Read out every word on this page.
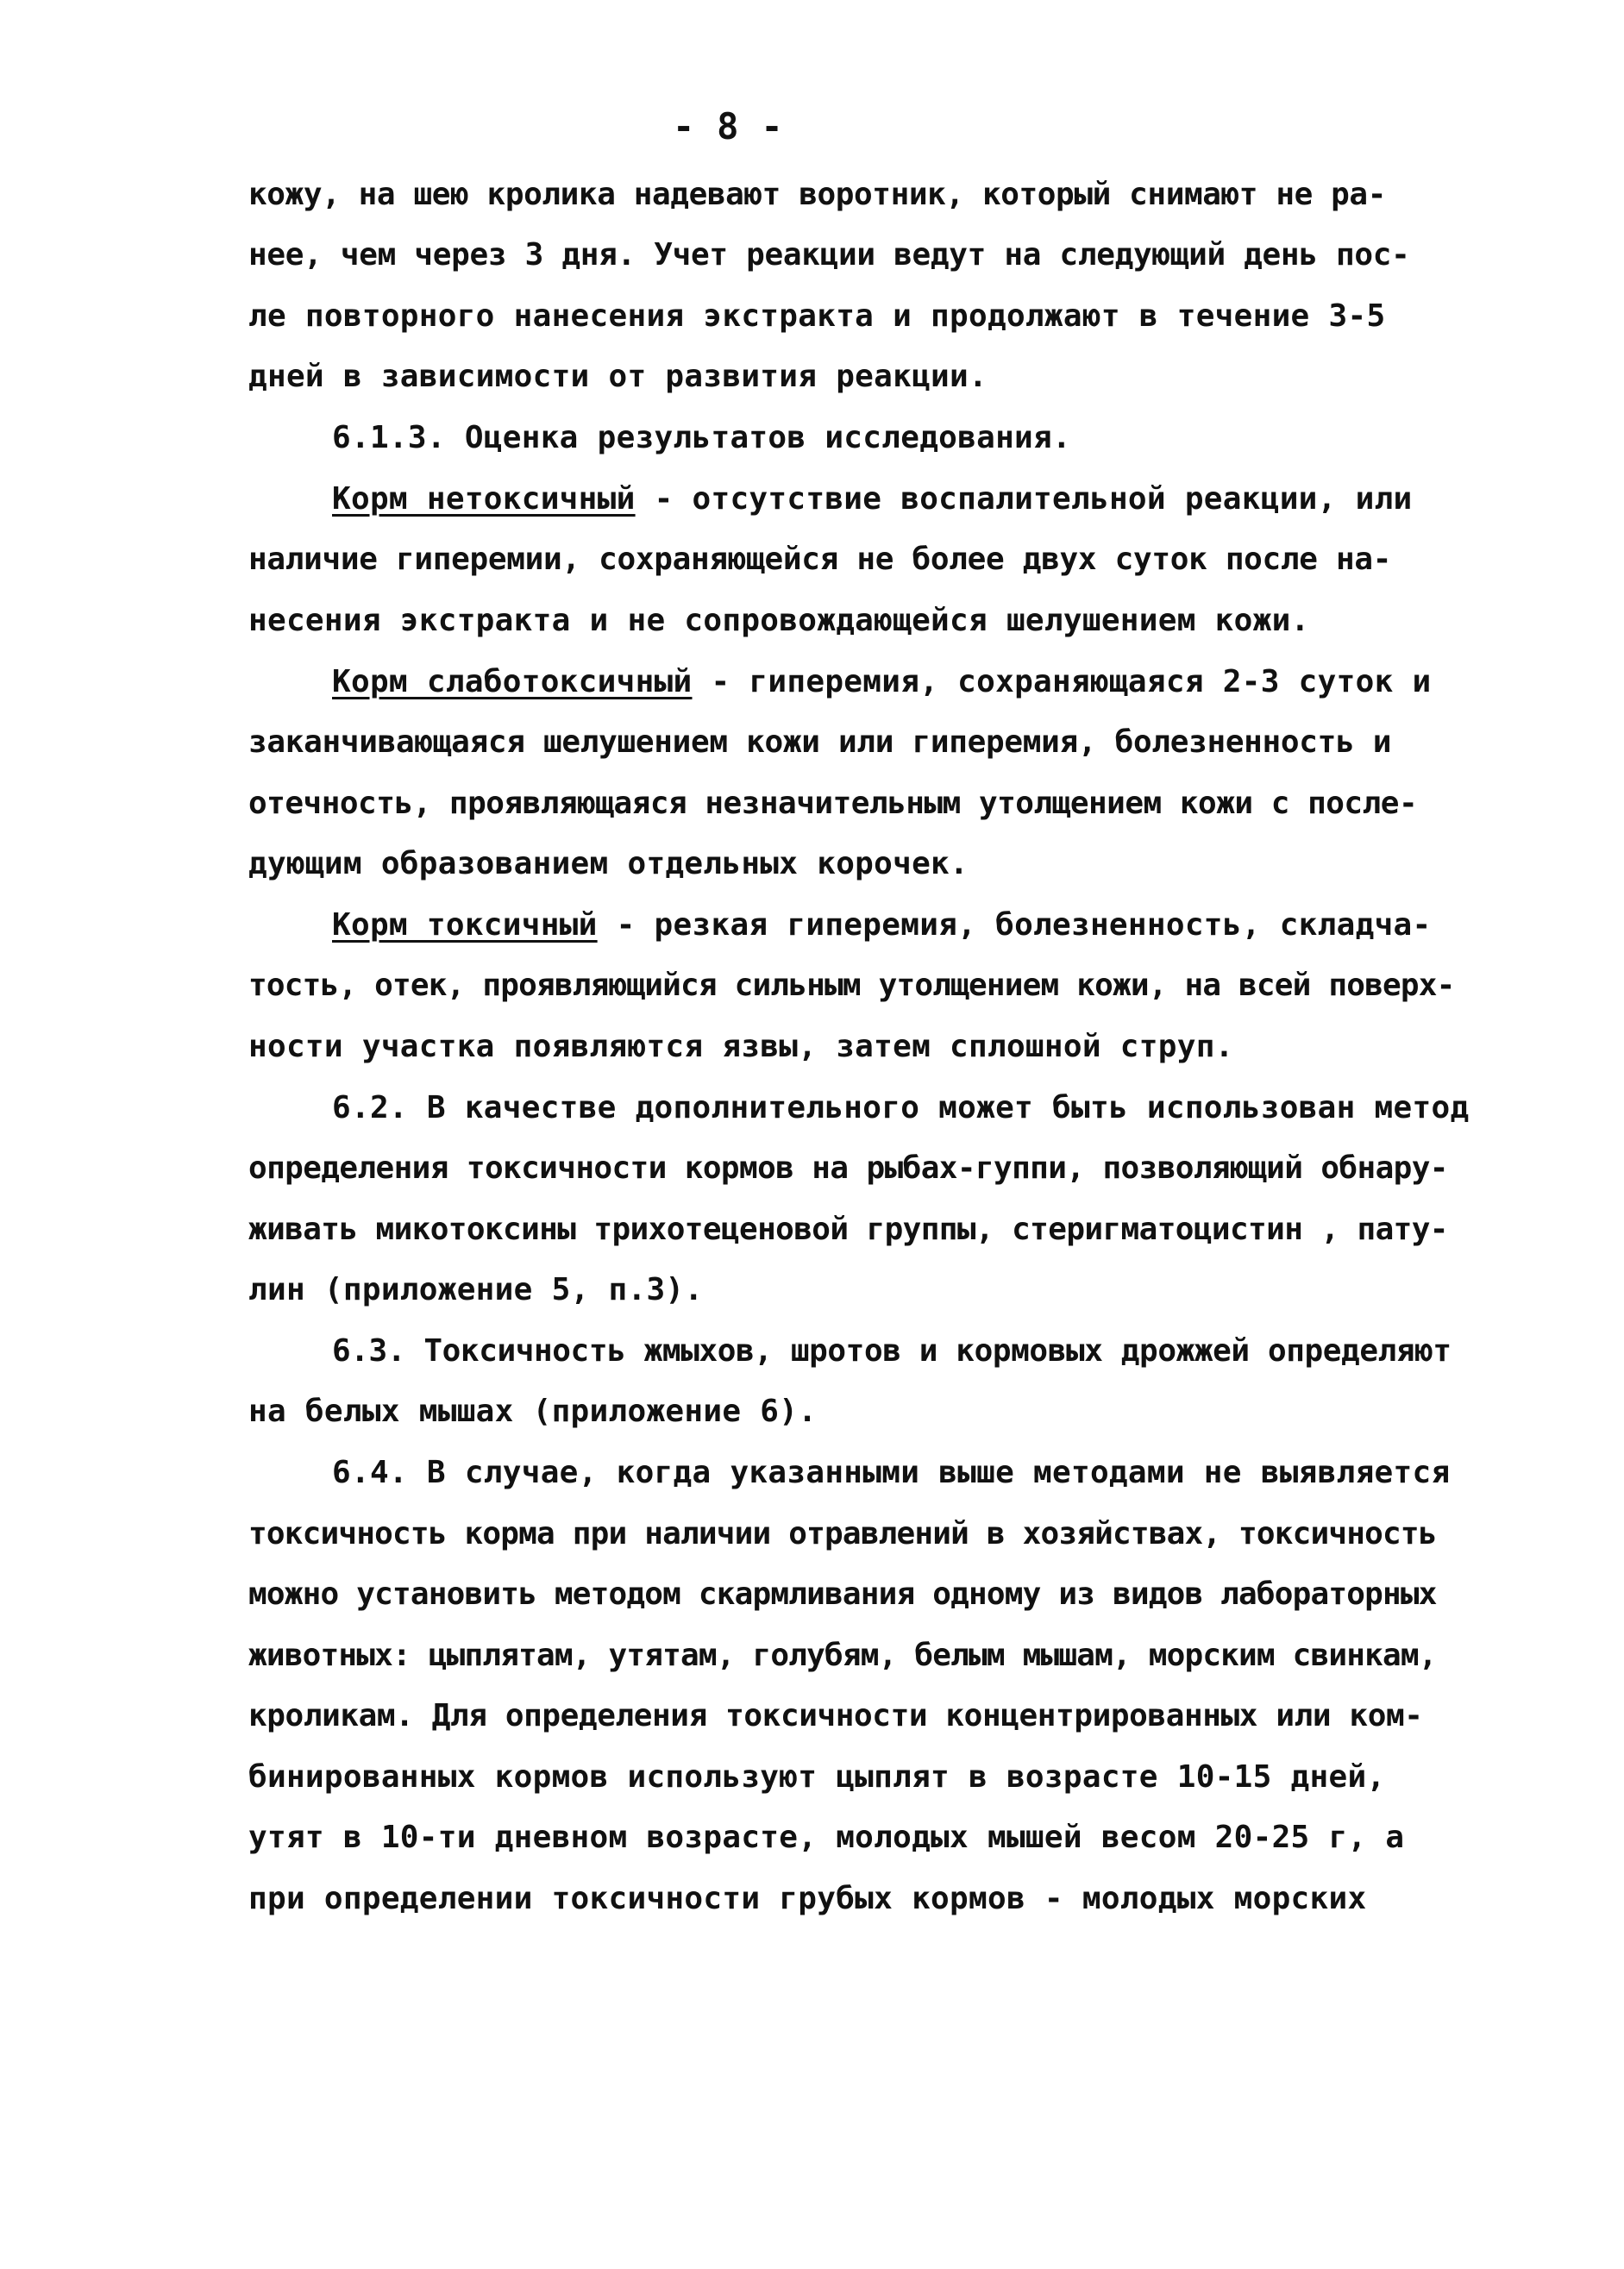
- 8 -
кожу, на шею кролика надевают воротник, который снимают не ра-
нее, чем через 3 дня. Учет реакции ведут на следующий день пос-
ле повторного нанесения экстракта и продолжают в течение 3-5
дней в зависимости от развития реакции.
6.1.3. Оценка результатов исследования.
Корм нетоксичный - отсутствие воспалительной реакции, или
наличие гиперемии, сохраняющейся не более двух суток после на-
несения экстракта и не сопровождающейся шелушением кожи.
Корм слаботоксичный - гиперемия, сохраняющаяся 2-3 суток и
заканчивающаяся шелушением кожи или гиперемия, болезненность и
отечность, проявляющаяся незначительным утолщением кожи с после-
дующим образованием отдельных корочек.
Корм токсичный - резкая гиперемия, болезненность, складча-
тость, отек, проявляющийся сильным утолщением кожи, на всей поверх-
ности участка появляются язвы, затем сплошной струп.
6.2. В качестве дополнительного может быть использован метод
определения токсичности кормов на рыбах-гуппи, позволяющий обнару-
живать микотоксины трихотеценовой группы, стеригматоцистин , пату-
лин (приложение 5, п.3).
6.3. Токсичность жмыхов, шротов и кормовых дрожжей определяют
на белых мышах (приложение 6).
6.4. В случае, когда указанными выше методами не выявляется
токсичность корма при наличии отравлений в хозяйствах, токсичность
можно установить методом скармливания одному из видов лабораторных
животных: цыплятам, утятам, голубям, белым мышам, морским свинкам,
кроликам. Для определения токсичности концентрированных или ком-
бинированных кормов используют цыплят в возрасте 10-15 дней,
утят в 10-ти дневном возрасте, молодых мышей весом 20-25 г, а
при определении токсичности грубых кормов - молодых морских
